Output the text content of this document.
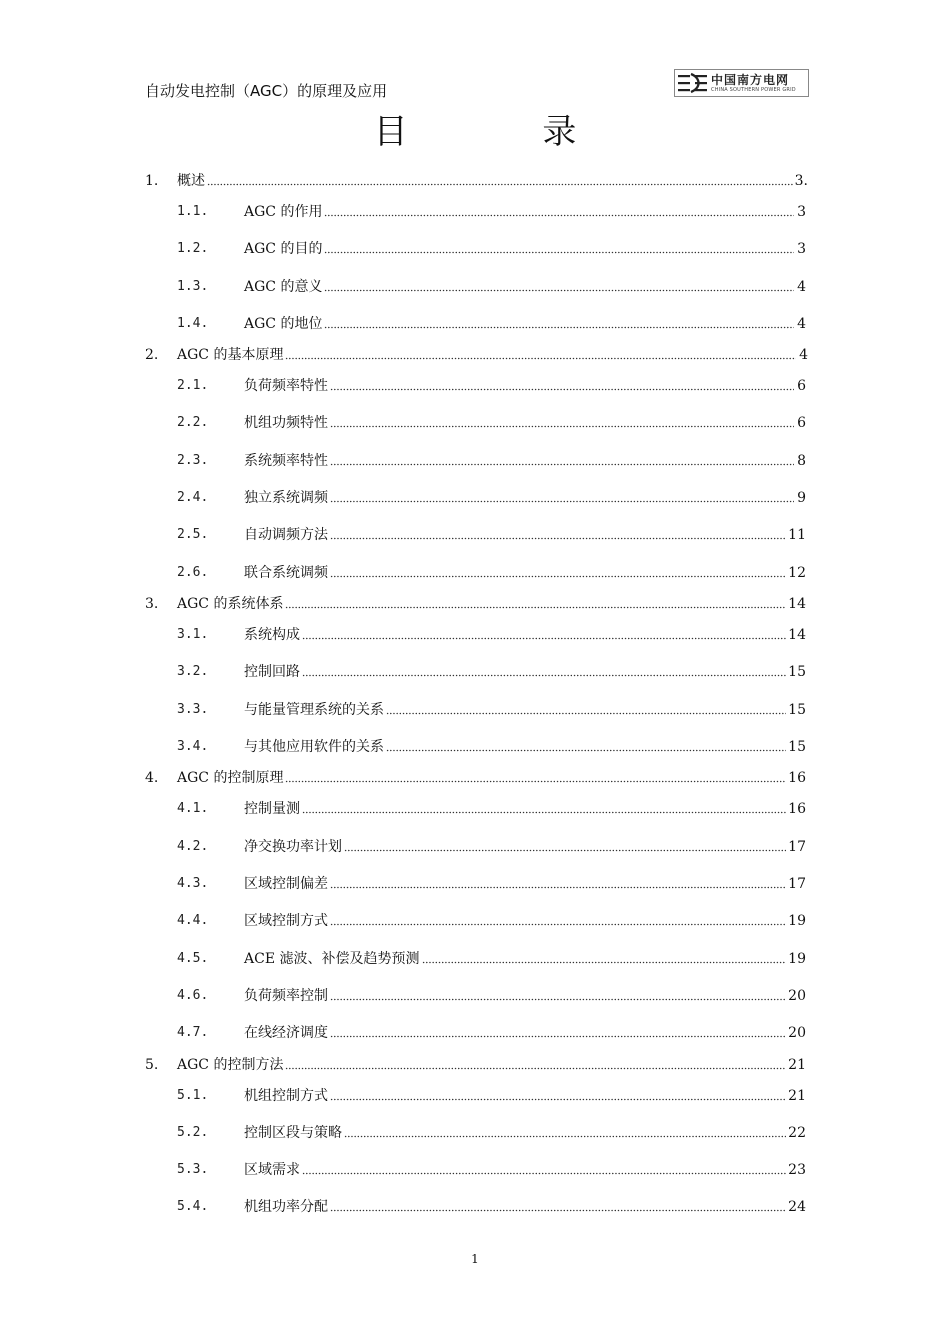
自动发电控制（AGC）的原理及应用
中国南方电网
CHINA SOUTHERN POWER GRID
目 录
1.	概述	3.
1.1.	AGC 的作用	3
1.2.	AGC 的目的	3
1.3.	AGC 的意义	4
1.4.	AGC 的地位	4
2.	AGC 的基本原理	4
2.1.	负荷频率特性	6
2.2.	机组功频特性	6
2.3.	系统频率特性	8
2.4.	独立系统调频	9
2.5.	自动调频方法	11
2.6.	联合系统调频	12
3.	AGC 的系统体系	14
3.1.	系统构成	14
3.2.	控制回路	15
3.3.	与能量管理系统的关系	15
3.4.	与其他应用软件的关系	15
4.	AGC 的控制原理	16
4.1.	控制量测	16
4.2.	净交换功率计划	17
4.3.	区域控制偏差	17
4.4.	区域控制方式	19
4.5.	ACE 滤波、补偿及趋势预测	19
4.6.	负荷频率控制	20
4.7.	在线经济调度	20
5.	AGC 的控制方法	21
5.1.	机组控制方式	21
5.2.	控制区段与策略	22
5.3.	区域需求	23
5.4.	机组功率分配	24
1
